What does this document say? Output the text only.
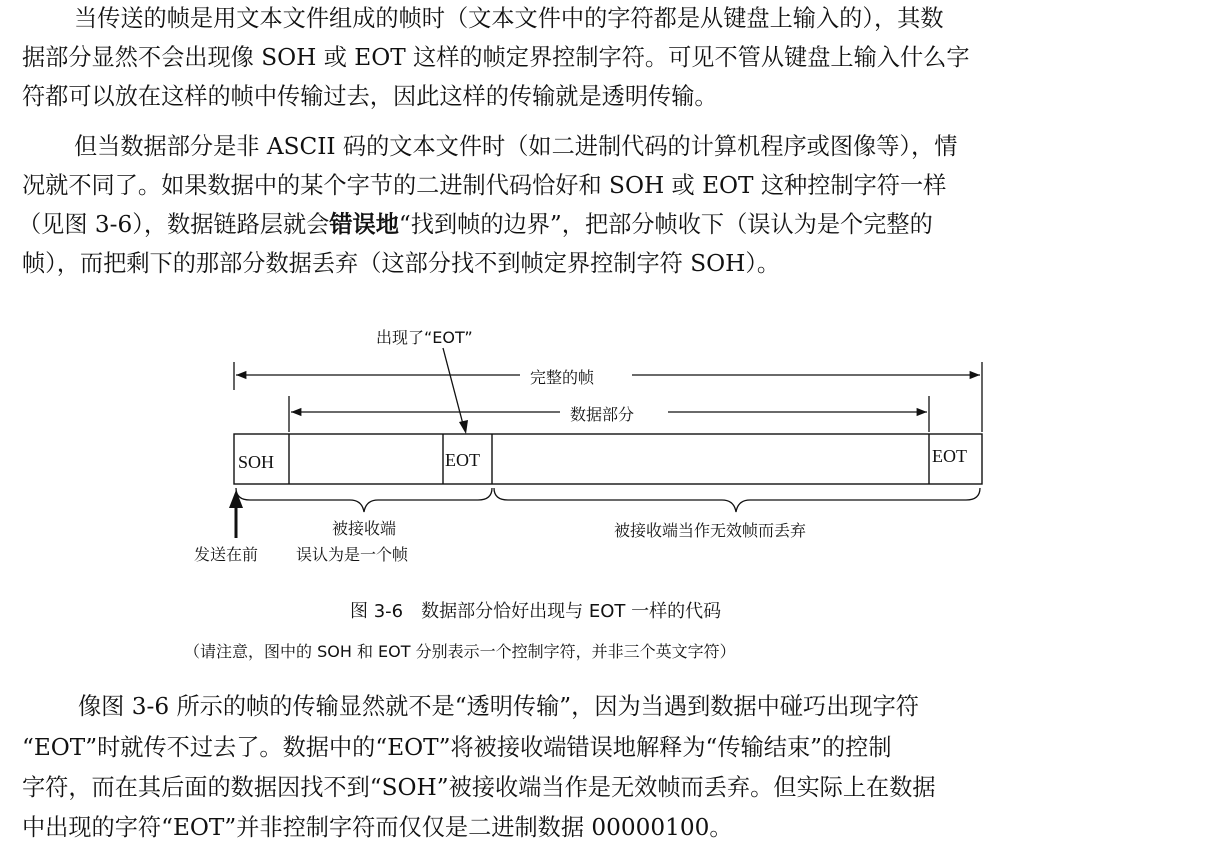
当传送的帧是用文本文件组成的帧时（文本文件中的字符都是从键盘上输入的），其数
据部分显然不会出现像 SOH 或 EOT 这样的帧定界控制字符。可见不管从键盘上输入什么字
符都可以放在这样的帧中传输过去，因此这样的传输就是透明传输。
但当数据部分是非 ASCII 码的文本文件时（如二进制代码的计算机程序或图像等），情
况就不同了。如果数据中的某个字节的二进制代码恰好和 SOH 或 EOT 这种控制字符一样
（见图 3-6），数据链路层就会错误地“找到帧的边界”，把部分帧收下（误认为是个完整的
帧），而把剩下的那部分数据丢弃（这部分找不到帧定界控制字符 SOH）。
出现了“EOT”
完整的帧
数据部分
SOH	EOT	EOT
被接收端	被接收端当作无效帧而丢弃
发送在前 误认为是一个帧
图 3-6　数据部分恰好出现与 EOT 一样的代码
（请注意，图中的 SOH 和 EOT 分别表示一个控制字符，并非三个英文字符）
像图 3-6 所示的帧的传输显然就不是“透明传输”，因为当遇到数据中碰巧出现字符
“EOT”时就传不过去了。数据中的“EOT”将被接收端错误地解释为“传输结束”的控制
字符，而在其后面的数据因找不到“SOH”被接收端当作是无效帧而丢弃。但实际上在数据
中出现的字符“EOT”并非控制字符而仅仅是二进制数据 00000100。
